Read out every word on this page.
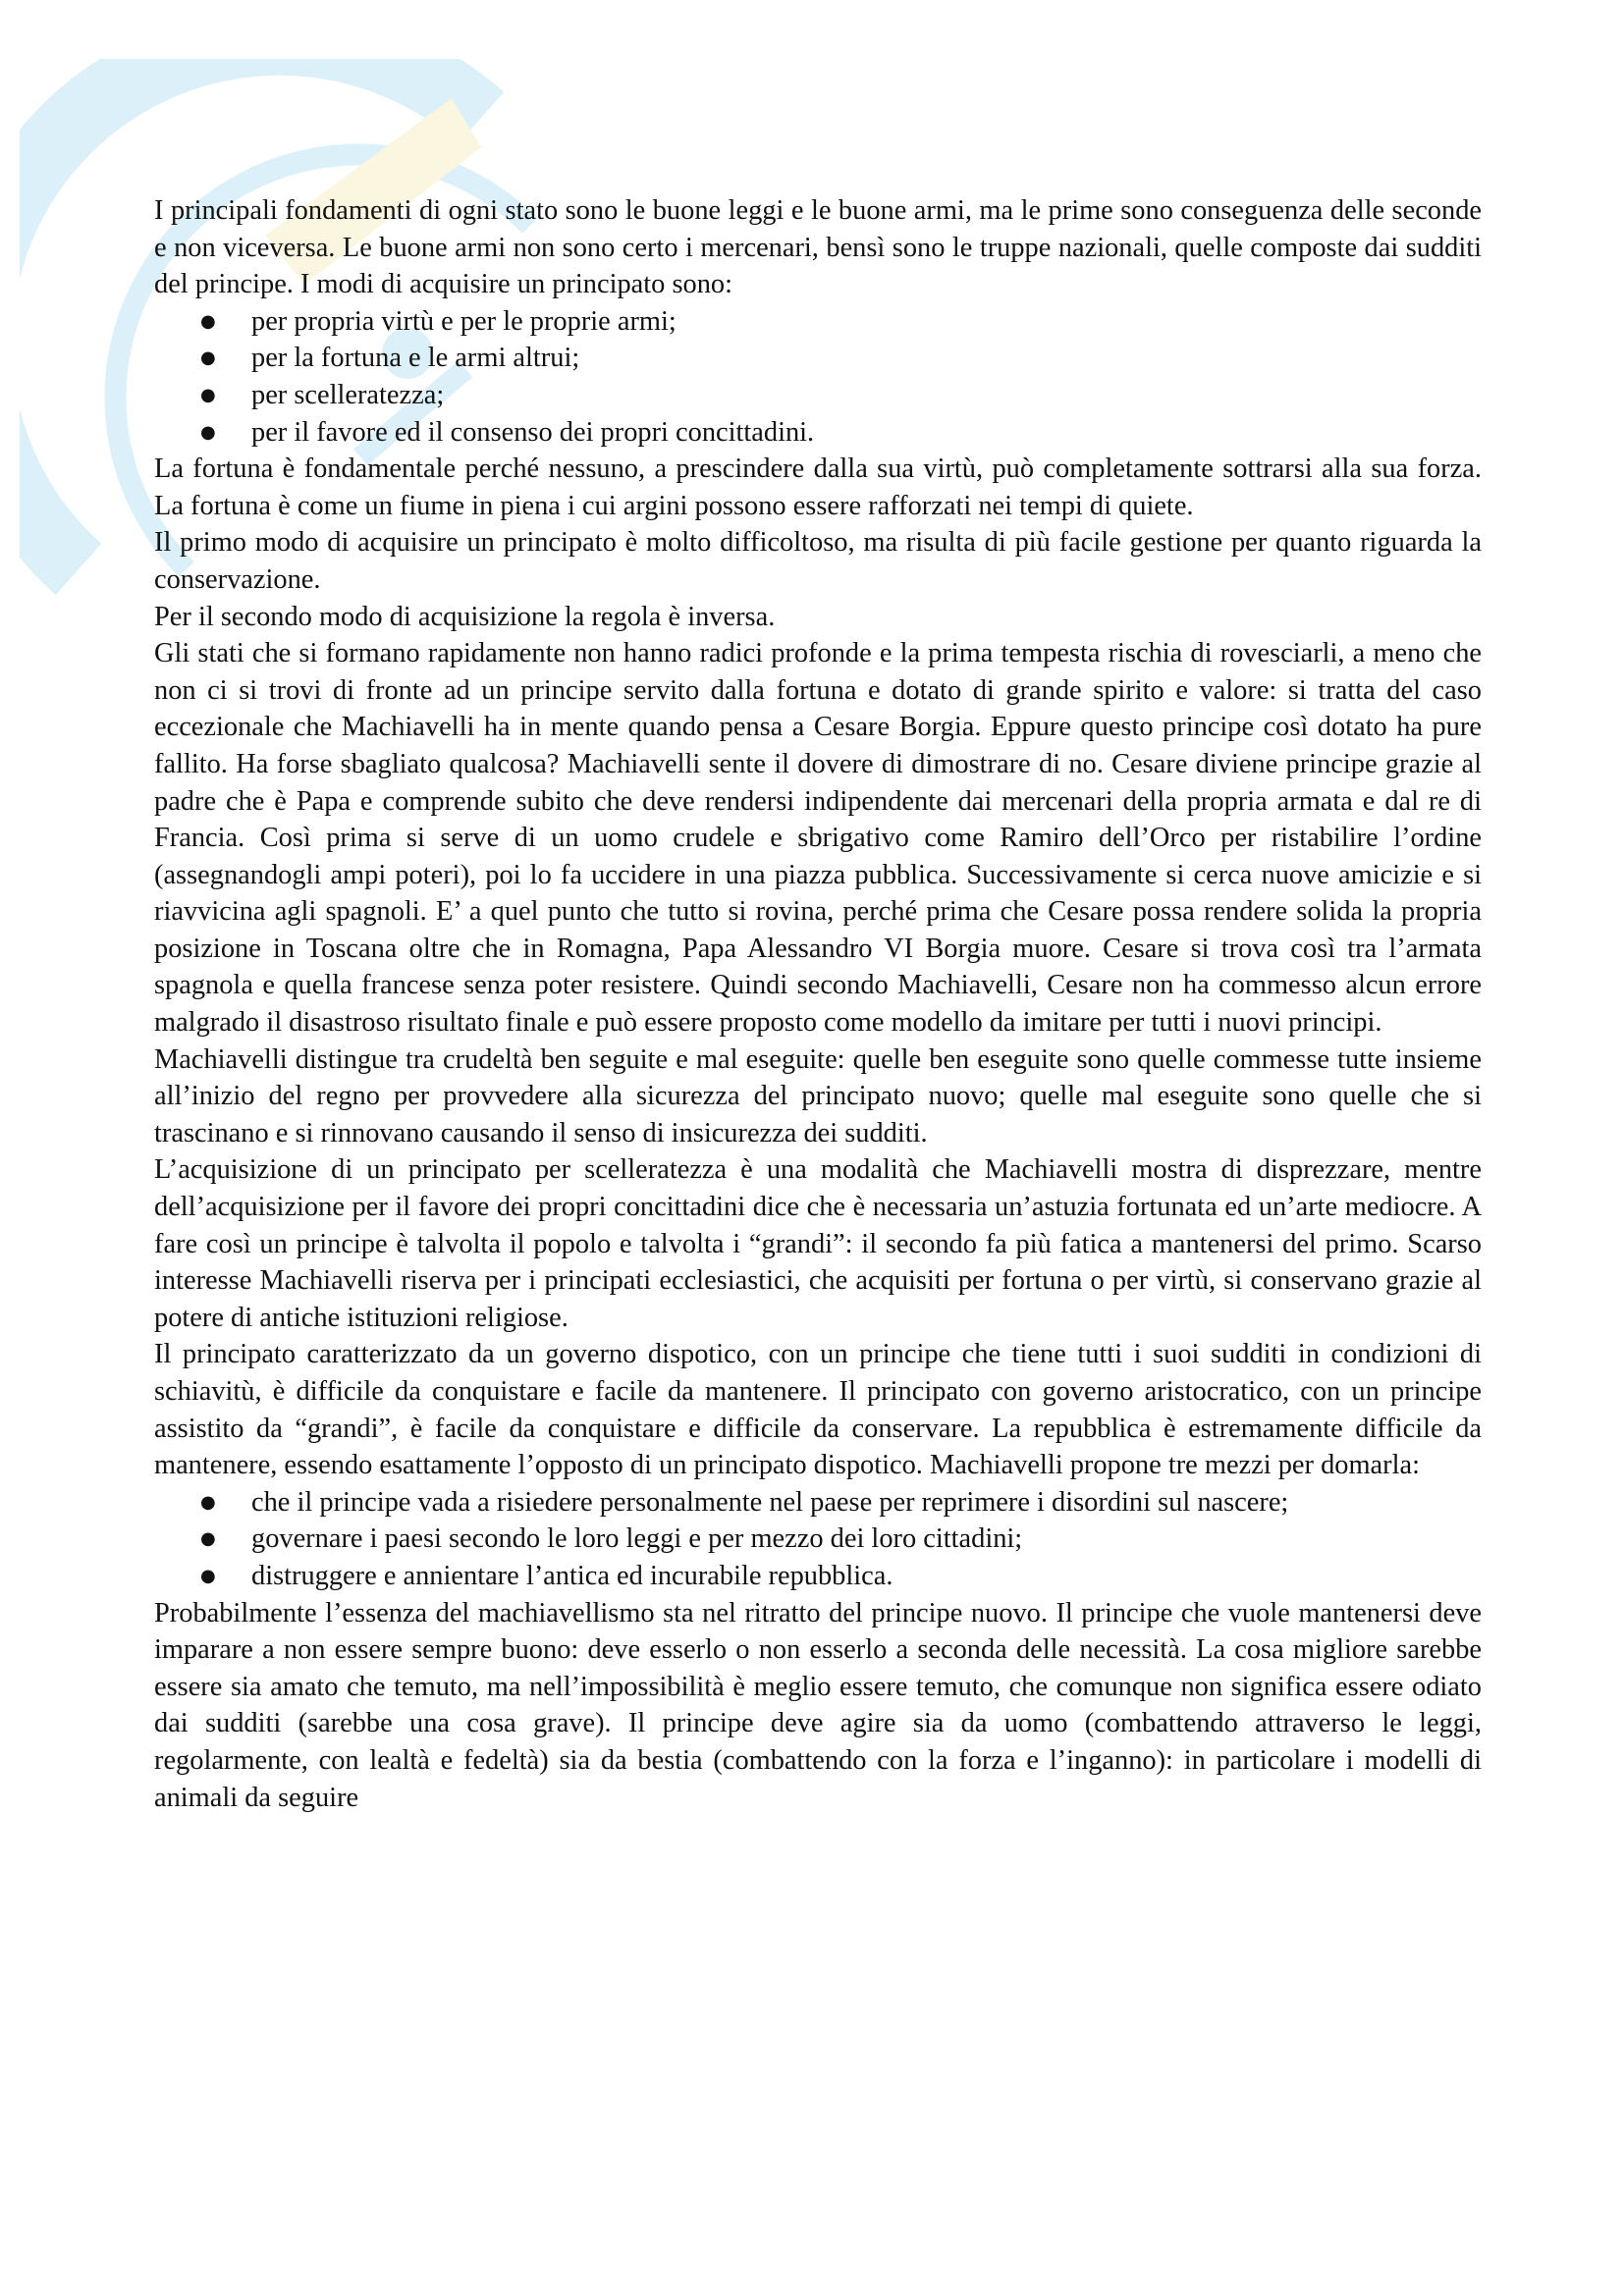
I principali fondamenti di ogni stato sono le buone leggi e le buone armi, ma le prime sono conseguenza delle seconde e non viceversa. Le buone armi non sono certo i mercenari, bensì sono le truppe nazionali, quelle composte dai sudditi del principe. I modi di acquisire un principato sono:

● per propria virtù e per le proprie armi;
● per la fortuna e le armi altrui;
● per scelleratezza;
● per il favore ed il consenso dei propri concittadini.

La fortuna è fondamentale perché nessuno, a prescindere dalla sua virtù, può completamente sottrarsi alla sua forza. La fortuna è come un fiume in piena i cui argini possono essere rafforzati nei tempi di quiete.

Il primo modo di acquisire un principato è molto difficoltoso, ma risulta di più facile gestione per quanto riguarda la conservazione.

Per il secondo modo di acquisizione la regola è inversa.

Gli stati che si formano rapidamente non hanno radici profonde e la prima tempesta rischia di rovesciarli, a meno che non ci si trovi di fronte ad un principe servito dalla fortuna e dotato di grande spirito e valore: si tratta del caso eccezionale che Machiavelli ha in mente quando pensa a Cesare Borgia. Eppure questo principe così dotato ha pure fallito. Ha forse sbagliato qualcosa? Machiavelli sente il dovere di dimostrare di no. Cesare diviene principe grazie al padre che è Papa e comprende subito che deve rendersi indipendente dai mercenari della propria armata e dal re di Francia. Così prima si serve di un uomo crudele e sbrigativo come Ramiro dell’Orco per ristabilire l’ordine (assegnandogli ampi poteri), poi lo fa uccidere in una piazza pubblica. Successivamente si cerca nuove amicizie e si riavvicina agli spagnoli. E’ a quel punto che tutto si rovina, perché prima che Cesare possa rendere solida la propria posizione in Toscana oltre che in Romagna, Papa Alessandro VI Borgia muore. Cesare si trova così tra l’armata spagnola e quella francese senza poter resistere. Quindi secondo Machiavelli, Cesare non ha commesso alcun errore malgrado il disastroso risultato finale e può essere proposto come modello da imitare per tutti i nuovi principi.

Machiavelli distingue tra crudeltà ben seguite e mal eseguite: quelle ben eseguite sono quelle commesse tutte insieme all’inizio del regno per provvedere alla sicurezza del principato nuovo; quelle mal eseguite sono quelle che si trascinano e si rinnovano causando il senso di insicurezza dei sudditi.

L’acquisizione di un principato per scelleratezza è una modalità che Machiavelli mostra di disprezzare, mentre dell’acquisizione per il favore dei propri concittadini dice che è necessaria un’astuzia fortunata ed un’arte mediocre. A fare così un principe è talvolta il popolo e talvolta i “grandi”: il secondo fa più fatica a mantenersi del primo. Scarso interesse Machiavelli riserva per i principati ecclesiastici, che acquisiti per fortuna o per virtù, si conservano grazie al potere di antiche istituzioni religiose.

Il principato caratterizzato da un governo dispotico, con un principe che tiene tutti i suoi sudditi in condizioni di schiavitù, è difficile da conquistare e facile da mantenere. Il principato con governo aristocratico, con un principe assistito da “grandi”, è facile da conquistare e difficile da conservare. La repubblica è estremamente difficile da mantenere, essendo esattamente l’opposto di un principato dispotico. Machiavelli propone tre mezzi per domarla:

● che il principe vada a risiedere personalmente nel paese per reprimere i disordini sul nascere;
● governare i paesi secondo le loro leggi e per mezzo dei loro cittadini;
● distruggere e annientare l’antica ed incurabile repubblica.

Probabilmente l’essenza del machiavellismo sta nel ritratto del principe nuovo. Il principe che vuole mantenersi deve imparare a non essere sempre buono: deve esserlo o non esserlo a seconda delle necessità. La cosa migliore sarebbe essere sia amato che temuto, ma nell’impossibilità è meglio essere temuto, che comunque non significa essere odiato dai sudditi (sarebbe una cosa grave). Il principe deve agire sia da uomo (combattendo attraverso le leggi, regolarmente, con lealtà e fedeltà) sia da bestia (combattendo con la forza e l’inganno): in particolare i modelli di animali da seguire
